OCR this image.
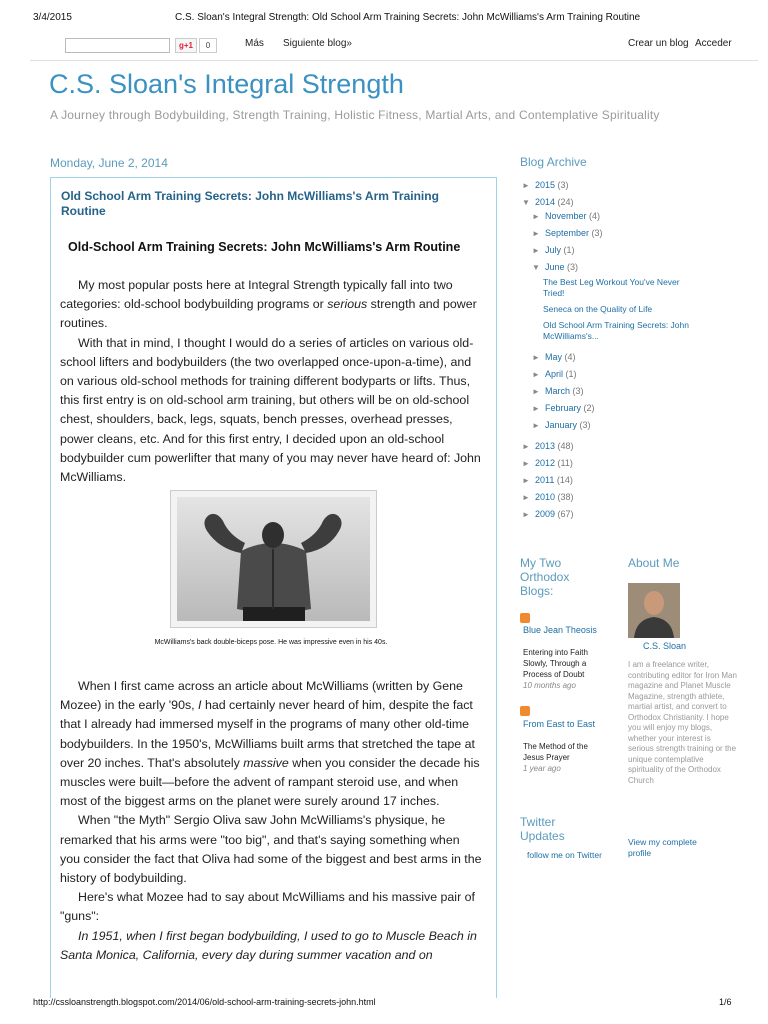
3/4/2015	C.S. Sloan's Integral Strength: Old School Arm Training Secrets: John McWilliams's Arm Training Routine
g+1	0	Más Siguiente blog»	Crear un blog Acceder
C.S. Sloan's Integral Strength
A Journey through Bodybuilding, Strength Training, Holistic Fitness, Martial Arts, and Contemplative Spirituality
Monday, June 2, 2014
Old School Arm Training Secrets: John McWilliams's Arm Training Routine
Old-School Arm Training Secrets: John McWilliams's Arm Routine

My most popular posts here at Integral Strength typically fall into two categories: old-school bodybuilding programs or serious strength and power routines.

With that in mind, I thought I would do a series of articles on various old-school lifters and bodybuilders (the two overlapped once-upon-a-time), and on various old-school methods for training different bodyparts or lifts. Thus, this first entry is on old-school arm training, but others will be on old-school chest, shoulders, back, legs, squats, bench presses, overhead presses, power cleans, etc. And for this first entry, I decided upon an old-school bodybuilder cum powerlifter that many of you may never have heard of: John McWilliams.

McWilliams's back double-biceps pose. He was impressive even in his 40s.

When I first came across an article about McWilliams (written by Gene Mozee) in the early '90s, I had certainly never heard of him, despite the fact that I already had immersed myself in the programs of many other old-time bodybuilders. In the 1950's, McWilliams built arms that stretched the tape at over 20 inches. That's absolutely massive when you consider the decade his muscles were built—before the advent of rampant steroid use, and when most of the biggest arms on the planet were surely around 17 inches.

When "the Myth" Sergio Oliva saw John McWilliams's physique, he remarked that his arms were "too big", and that's saying something when you consider the fact that Oliva had some of the biggest and best arms in the history of bodybuilding.

Here's what Mozee had to say about McWilliams and his massive pair of "guns":

In 1951, when I first began bodybuilding, I used to go to Muscle Beach in Santa Monica, California, every day during summer vacation and on

Blog Archive
► 2015 (3)
▼ 2014 (24)
► November (4)
► September (3)
► July (1)
▼ June (3)
The Best Leg Workout You've Never Tried!
Seneca on the Quality of Life
Old School Arm Training Secrets: John McWilliams's...
► May (4)
► April (1)
► March (3)
► February (2)
► January (3)
► 2013 (48)
► 2012 (11)
► 2011 (14)
► 2010 (38)
► 2009 (67)
My Two Orthodox Blogs:
Blue Jean Theosis
Entering into Faith Slowly, Through a Process of Doubt
10 months ago
From East to East
The Method of the Jesus Prayer
1 year ago
Twitter Updates
follow me on Twitter
About Me
C.S. Sloan
I am a freelance writer, contributing editor for Iron Man magazine and Planet Muscle Magazine, strength athlete, martial artist, and convert to Orthodox Christianity. I hope you will enjoy my blogs, whether your interest is serious strength training or the unique contemplative spirituality of the Orthodox Church
View my complete profile
http://cssloanstrength.blogspot.com/2014/06/old-school-arm-training-secrets-john.html	1/6
